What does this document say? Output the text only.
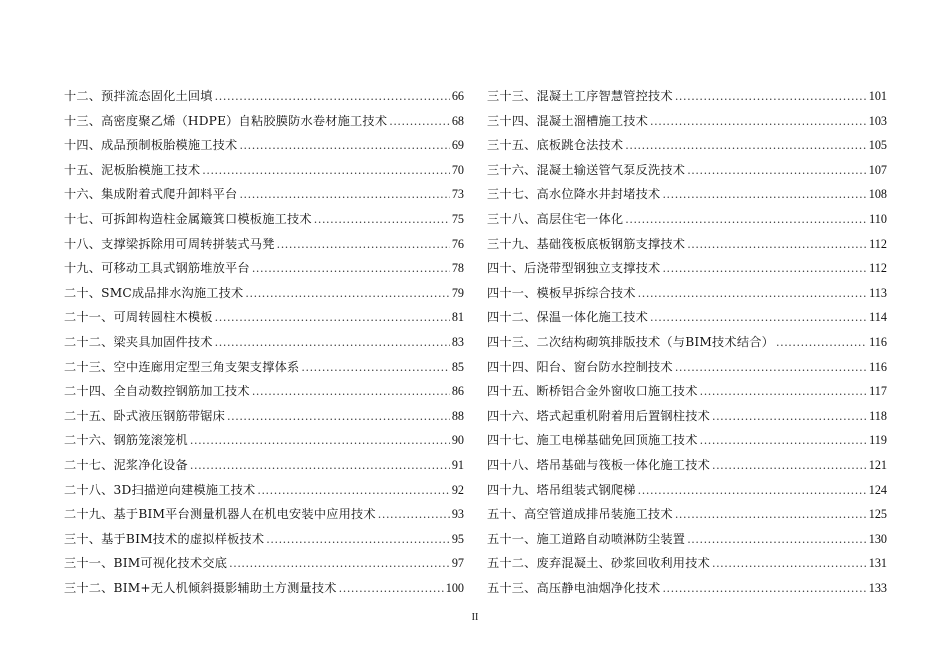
十二、预拌流态固化土回填 .....	66
十三、高密度聚乙烯（HDPE）自粘胶膜防水卷材施工技术 .....	68
十四、成品预制板胎模施工技术 .....	69
十五、泥板胎模施工技术 .....	70
十六、集成附着式爬升卸料平台 .....	73
十七、可拆卸构造柱金属簸箕口模板施工技术 .....	75
十八、支撑梁拆除用可周转拼装式马凳 .....	76
十九、可移动工具式钢筋堆放平台 .....	78
二十、SMC成品排水沟施工技术 .....	79
二十一、可周转圆柱木模板 .....	81
二十二、梁夹具加固件技术 .....	83
二十三、空中连廊用定型三角支架支撑体系 .....	85
二十四、全自动数控钢筋加工技术 .....	86
二十五、卧式液压钢筋带锯床 .....	88
二十六、钢筋笼滚笼机 .....	90
二十七、泥浆净化设备 .....	91
二十八、3D扫描逆向建模施工技术 .....	92
二十九、基于BIM平台测量机器人在机电安装中应用技术 .....	93
三十、基于BIM技术的虚拟样板技术 .....	95
三十一、BIM可视化技术交底 .....	97
三十二、BIM+无人机倾斜摄影辅助土方测量技术 .....	100
三十三、混凝土工序智慧管控技术 .....	101
三十四、混凝土溜槽施工技术 .....	103
三十五、底板跳仓法技术 .....	105
三十六、混凝土输送管气泵反洗技术 .....	107
三十七、高水位降水井封堵技术 .....	108
三十八、高层住宅一体化 .....	110
三十九、基础筏板底板钢筋支撑技术 .....	112
四十、后浇带型钢独立支撑技术 .....	112
四十一、模板早拆综合技术 .....	113
四十二、保温一体化施工技术 .....	114
四十三、二次结构砌筑排版技术（与BIM技术结合） .....	116
四十四、阳台、窗台防水控制技术 .....	116
四十五、断桥铝合金外窗收口施工技术 .....	117
四十六、塔式起重机附着用后置钢柱技术 .....	118
四十七、施工电梯基础免回顶施工技术 .....	119
四十八、塔吊基础与筏板一体化施工技术 .....	121
四十九、塔吊组装式钢爬梯 .....	124
五十、高空管道成排吊装施工技术 .....	125
五十一、施工道路自动喷淋防尘装置 .....	130
五十二、废弃混凝土、砂浆回收利用技术 .....	131
五十三、高压静电油烟净化技术 .....	133
II
